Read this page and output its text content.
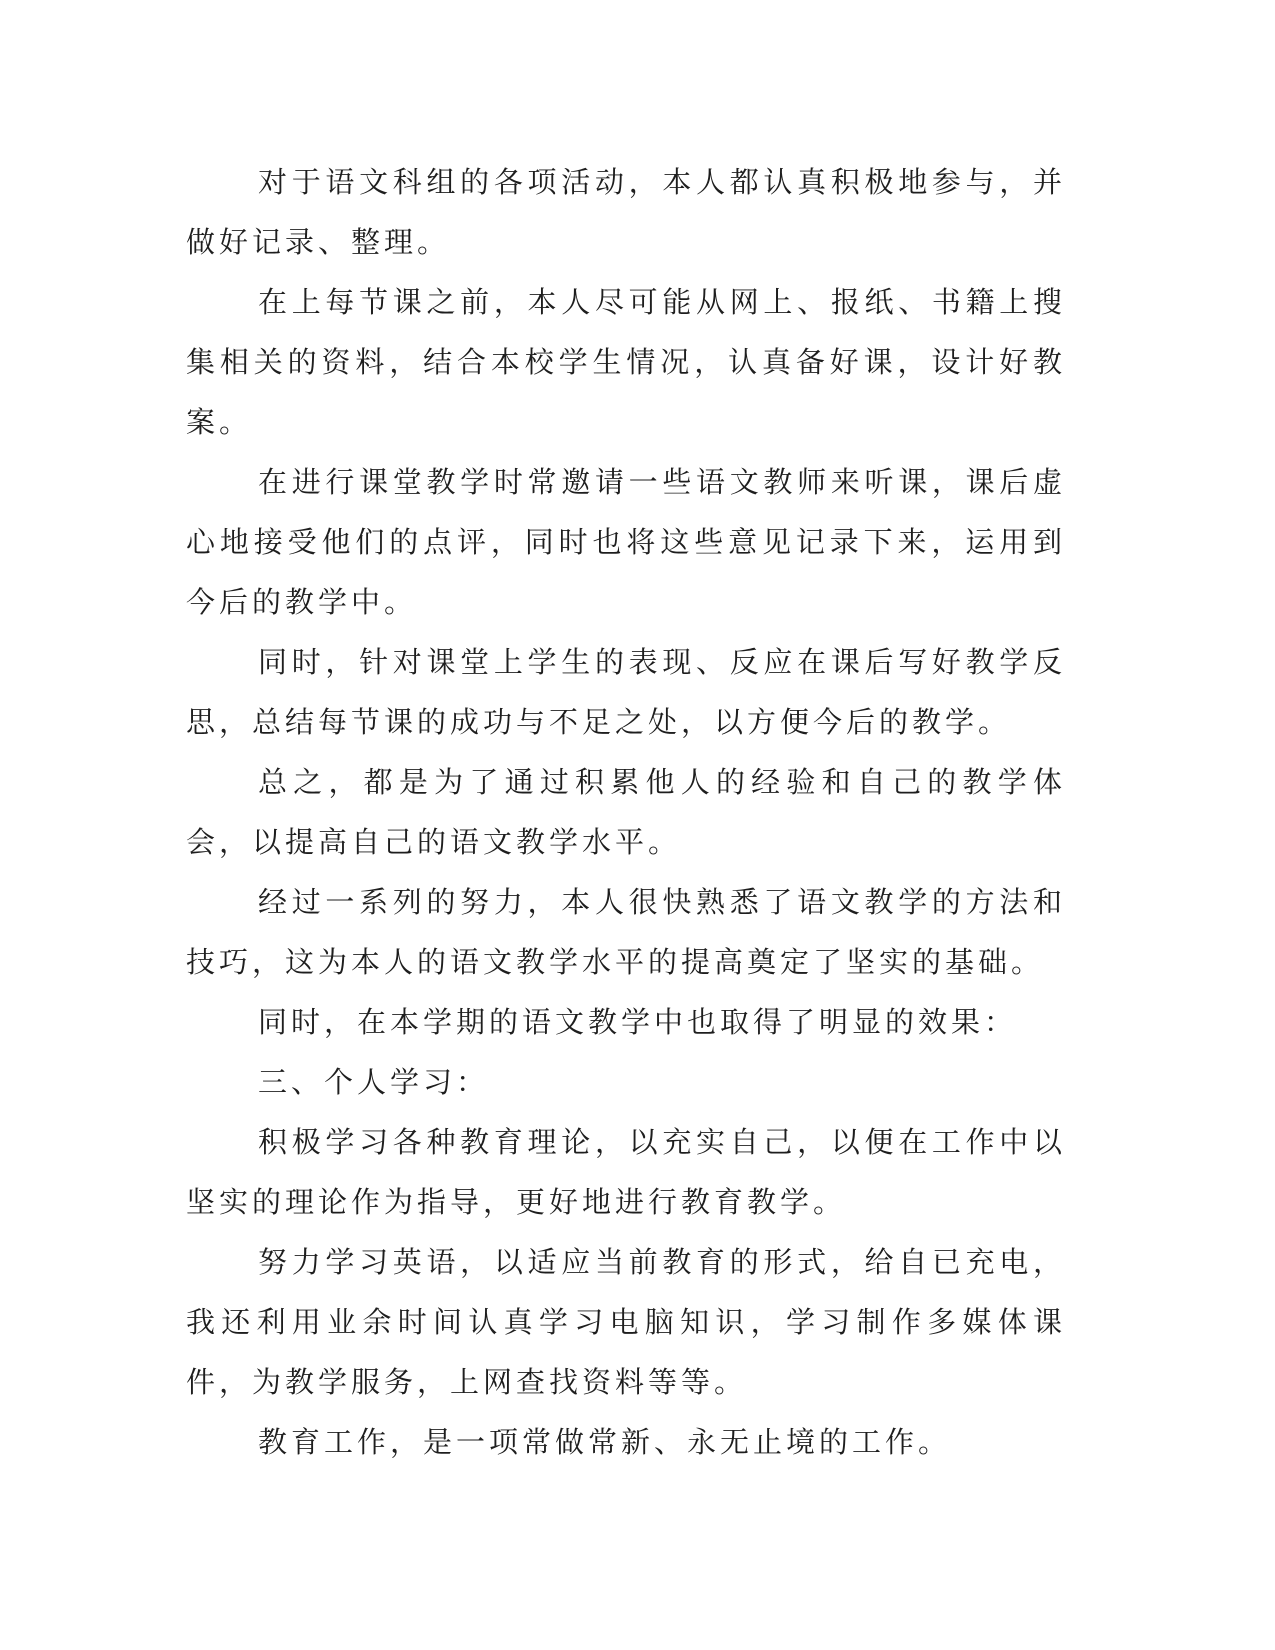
对于语文科组的各项活动，本人都认真积极地参与，并做好记录、整理。

在上每节课之前，本人尽可能从网上、报纸、书籍上搜集相关的资料，结合本校学生情况，认真备好课，设计好教案。

在进行课堂教学时常邀请一些语文教师来听课，课后虚心地接受他们的点评，同时也将这些意见记录下来，运用到今后的教学中。

同时，针对课堂上学生的表现、反应在课后写好教学反思，总结每节课的成功与不足之处，以方便今后的教学。

总之，都是为了通过积累他人的经验和自己的教学体会，以提高自己的语文教学水平。

经过一系列的努力，本人很快熟悉了语文教学的方法和技巧，这为本人的语文教学水平的提高奠定了坚实的基础。

同时，在本学期的语文教学中也取得了明显的效果：

三、个人学习：

积极学习各种教育理论，以充实自己，以便在工作中以坚实的理论作为指导，更好地进行教育教学。

努力学习英语，以适应当前教育的形式，给自已充电，我还利用业余时间认真学习电脑知识，学习制作多媒体课件，为教学服务，上网查找资料等等。

教育工作，是一项常做常新、永无止境的工作。
